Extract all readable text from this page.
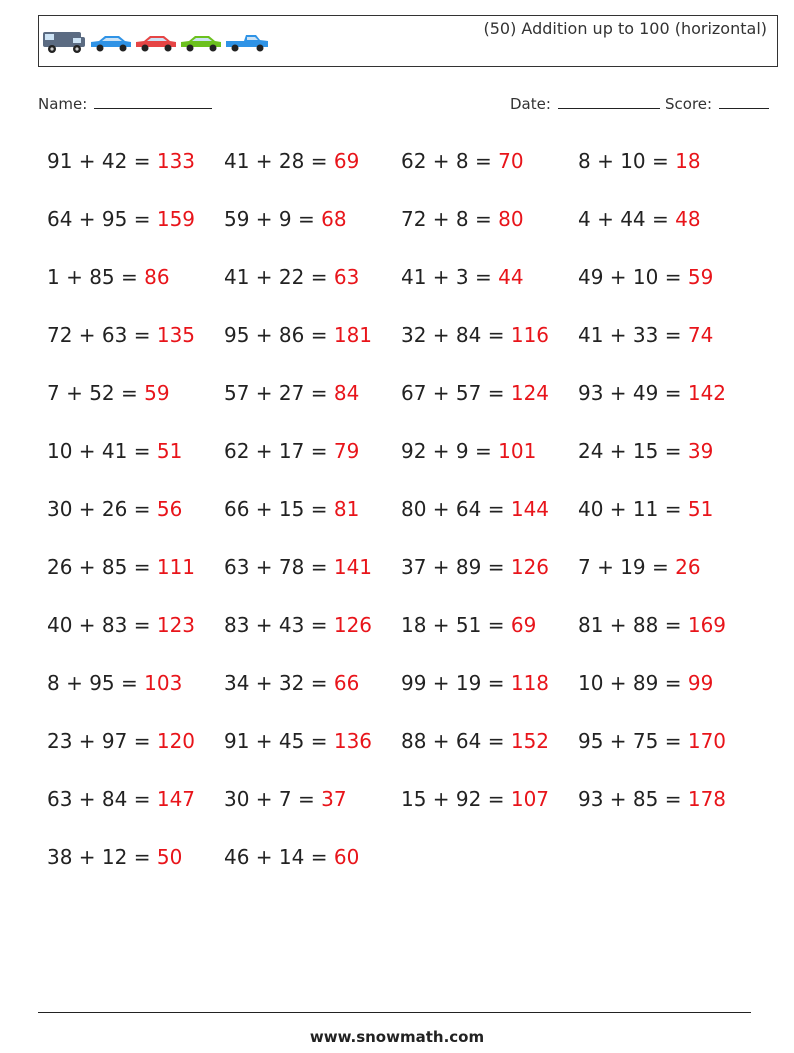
(50) Addition up to 100 (horizontal)
Name:	Date:	Score:
91 + 42 = 133	41 + 28 = 69	62 + 8 = 70	8 + 10 = 18
64 + 95 = 159	59 + 9 = 68	72 + 8 = 80	4 + 44 = 48
1 + 85 = 86	41 + 22 = 63	41 + 3 = 44	49 + 10 = 59
72 + 63 = 135	95 + 86 = 181	32 + 84 = 116	41 + 33 = 74
7 + 52 = 59	57 + 27 = 84	67 + 57 = 124	93 + 49 = 142
10 + 41 = 51	62 + 17 = 79	92 + 9 = 101	24 + 15 = 39
30 + 26 = 56	66 + 15 = 81	80 + 64 = 144	40 + 11 = 51
26 + 85 = 111	63 + 78 = 141	37 + 89 = 126	7 + 19 = 26
40 + 83 = 123	83 + 43 = 126	18 + 51 = 69	81 + 88 = 169
8 + 95 = 103	34 + 32 = 66	99 + 19 = 118	10 + 89 = 99
23 + 97 = 120	91 + 45 = 136	88 + 64 = 152	95 + 75 = 170
63 + 84 = 147	30 + 7 = 37	15 + 92 = 107	93 + 85 = 178
38 + 12 = 50	46 + 14 = 60
www.snowmath.com
